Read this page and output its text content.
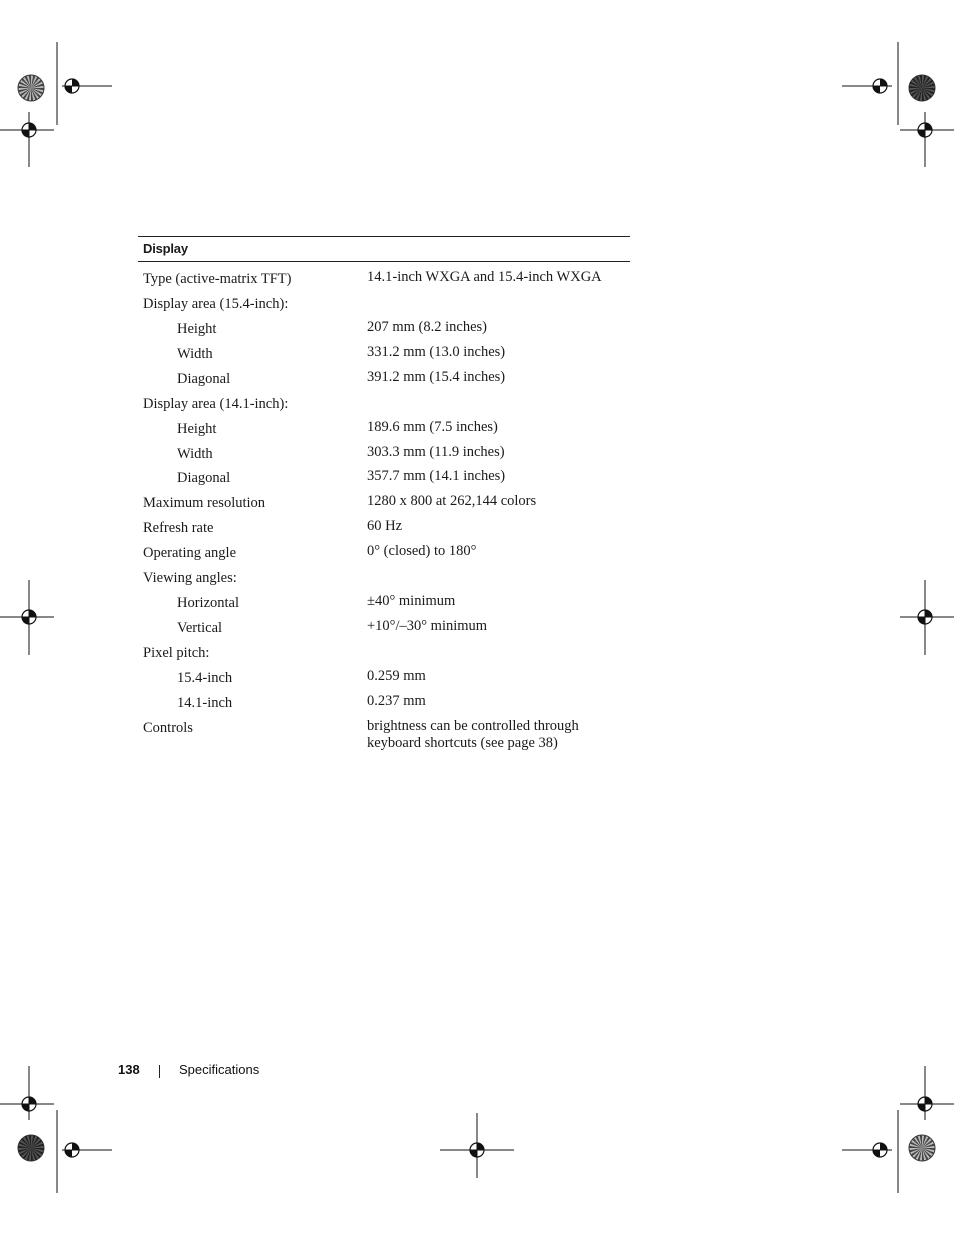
Display
Type (active-matrix TFT)	14.1-inch WXGA and 15.4-inch WXGA
Display area (15.4-inch):
Height	207 mm (8.2 inches)
Width	331.2 mm (13.0 inches)
Diagonal	391.2 mm (15.4 inches)
Display area (14.1-inch):
Height	189.6 mm (7.5 inches)
Width	303.3 mm (11.9 inches)
Diagonal	357.7 mm (14.1 inches)
Maximum resolution	1280 x 800 at 262,144 colors
Refresh rate	60 Hz
Operating angle	0° (closed) to 180°
Viewing angles:
Horizontal	±40° minimum
Vertical	+10°/–30° minimum
Pixel pitch:
15.4-inch	0.259 mm
14.1-inch	0.237 mm
Controls	brightness can be controlled through
keyboard shortcuts (see page 38)
138	Specifications
